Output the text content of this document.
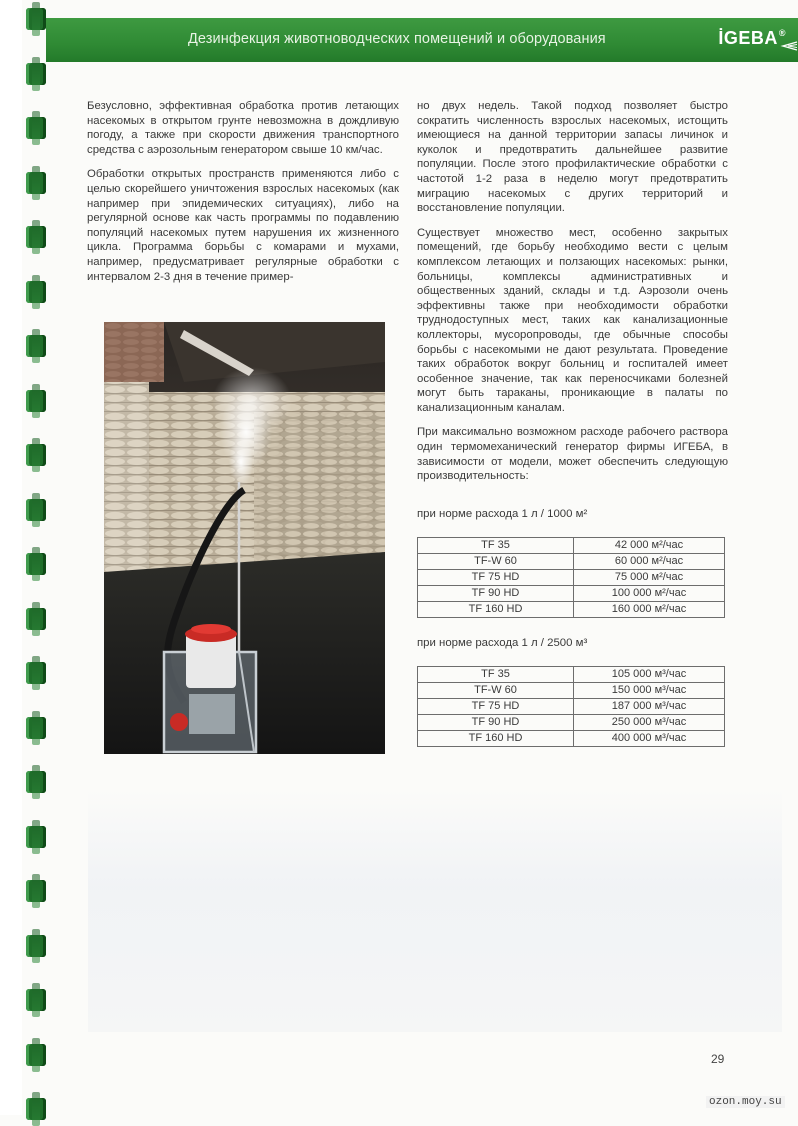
Дезинфекция животноводческих помещений и оборудования	İGEBA®

Безусловно, эффективная обработка против летающих насекомых в открытом грунте невозможна в дождливую погоду, а также при скорости движения транспортного средства с аэрозольным генератором свыше 10 км/час.

Обработки открытых пространств применяются либо с целью скорейшего уничтожения взрослых насекомых (как например при эпидемических ситуациях), либо на регулярной основе как часть программы по подавлению популяций насекомых путем нарушения их жизненного цикла. Программа борьбы с комарами и мухами, например, предусматривает регулярные обработки с интервалом 2-3 дня в течение пример-

но двух недель. Такой подход позволяет быстро сократить численность взрослых насекомых, истощить имеющиеся на данной территории запасы личинок и куколок и предотвратить дальнейшее развитие популяции. После этого профилактические обработки с частотой 1-2 раза в неделю могут предотвратить миграцию насекомых с других территорий и восстановление популяции.

Существует множество мест, особенно закрытых помещений, где борьбу необходимо вести с целым комплексом летающих и ползающих насекомых: рынки, больницы, комплексы административных и общественных зданий, склады и т.д. Аэрозоли очень эффективны также при необходимости обработки труднодоступных мест, таких как канализационные коллекторы, мусоропроводы, где обычные способы борьбы с насекомыми не дают результата. Проведение таких обработок вокруг больниц и госпиталей имеет особенное значение, так как переносчиками болезней могут быть тараканы, проникающие в палаты по канализационным каналам.

При максимально возможном расходе рабочего раствора один термомеханический генератор фирмы ИГЕБА, в зависимости от модели, может обеспечить следующую производительность:

при норме расхода 1 л / 1000 м²
TF 35	42 000 м²/час
TF-W 60	60 000 м²/час
TF 75 HD	75 000 м²/час
TF 90 HD	100 000 м²/час
TF 160 HD	160 000 м²/час
при норме расхода 1 л / 2500 м³
TF 35	105 000 м³/час
TF-W 60	150 000 м³/час
TF 75 HD	187 000 м³/час
TF 90 HD	250 000 м³/час
TF 160 HD	400 000 м³/час
29
ozon.moy.su
